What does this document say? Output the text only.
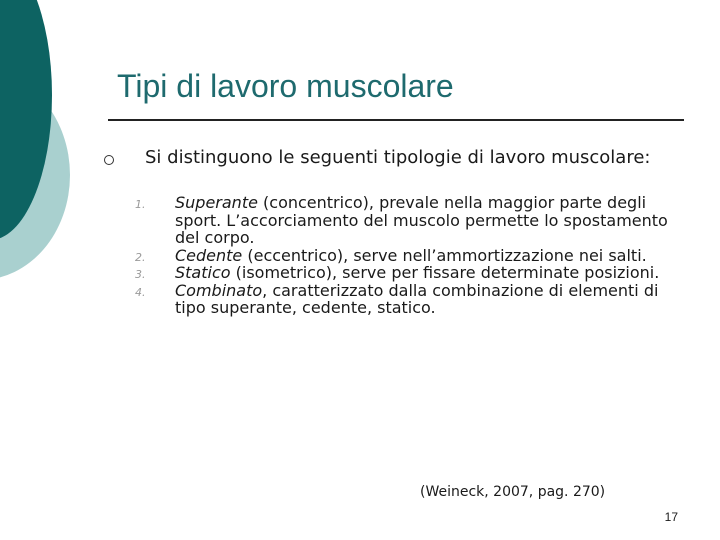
Tipi di lavoro muscolare
Si distinguono le seguenti tipologie di lavoro muscolare:
1.	Superante (concentrico), prevale nella maggior parte degli sport. L’accorciamento del muscolo permette lo spostamento del corpo.
2.	Cedente (eccentrico), serve nell’ammortizzazione nei salti.
3.	Statico (isometrico), serve per fissare determinate posizioni.
4.	Combinato, caratterizzato dalla combinazione di elementi di tipo superante, cedente, statico.
(Weineck, 2007, pag. 270)
17
